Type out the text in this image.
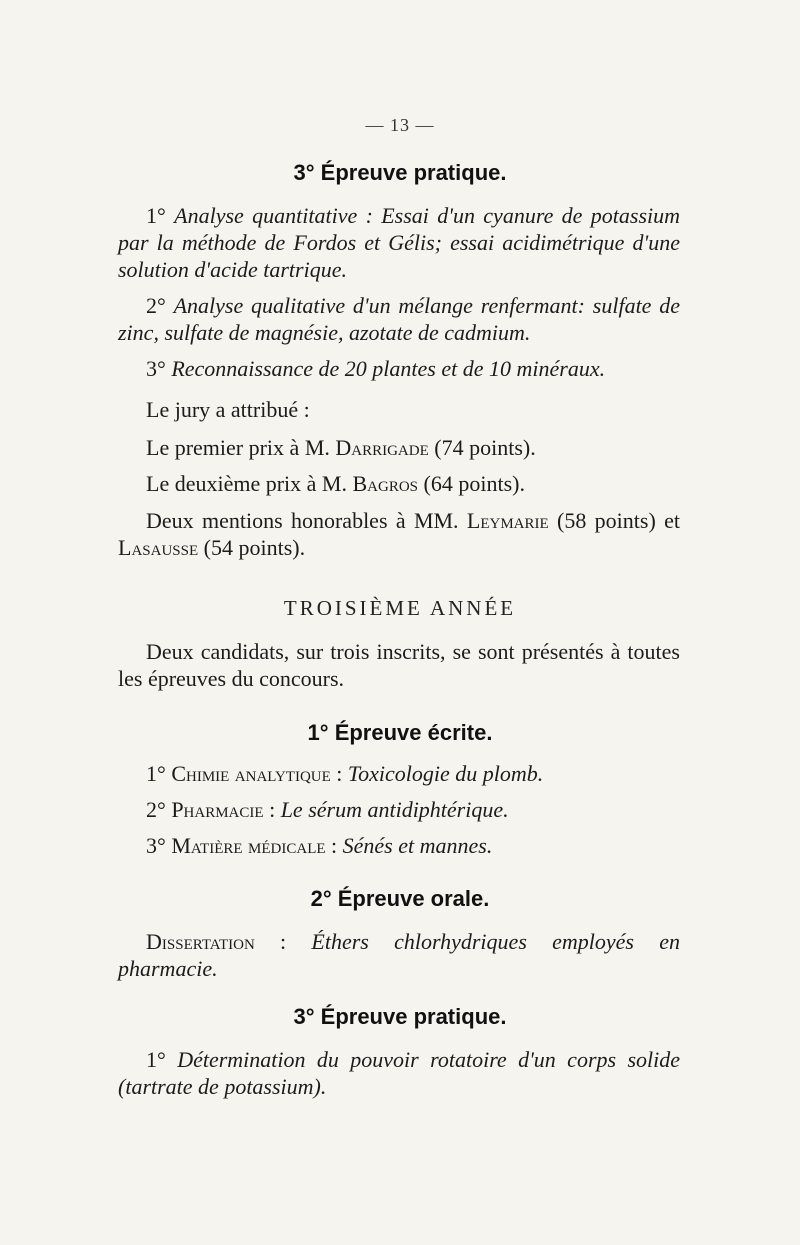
— 13 —
3° Épreuve pratique.
1° Analyse quantitative : Essai d'un cyanure de potassium par la méthode de Fordos et Gélis; essai acidimétrique d'une solution d'acide tartrique.
2° Analyse qualitative d'un mélange renfermant: sulfate de zinc, sulfate de magnésie, azotate de cadmium.
3° Reconnaissance de 20 plantes et de 10 minéraux.
Le jury a attribué :
Le premier prix à M. Darrigade (74 points).
Le deuxième prix à M. Bagros (64 points).
Deux mentions honorables à MM. Leymarie (58 points) et Lasausse (54 points).
TROISIÈME ANNÉE
Deux candidats, sur trois inscrits, se sont présentés à toutes les épreuves du concours.
1° Épreuve écrite.
1° Chimie analytique : Toxicologie du plomb.
2° Pharmacie : Le sérum antidiphtérique.
3° Matière médicale : Sénés et mannes.
2° Épreuve orale.
Dissertation : Éthers chlorhydriques employés en pharmacie.
3° Épreuve pratique.
1° Détermination du pouvoir rotatoire d'un corps solide (tartrate de potassium).
